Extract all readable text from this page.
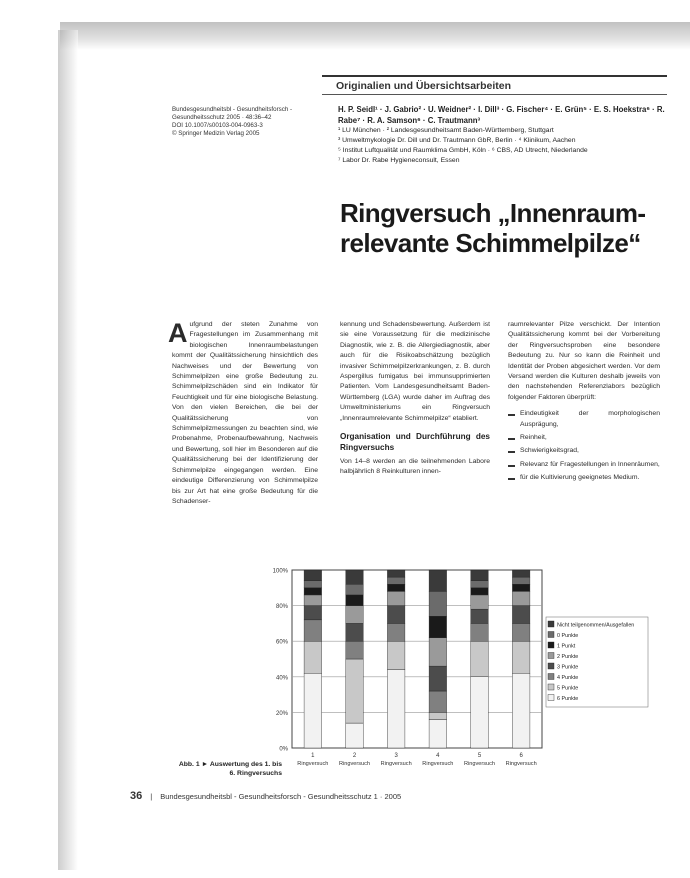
Originalien und Übersichtsarbeiten
Bundesgesundheitsbl - Gesundheitsforsch -
Gesundheitsschutz 2005 · 48:36–42
DOI 10.1007/s00103-004-0963-3
© Springer Medizin Verlag 2005
H. P. Seidl¹ · J. Gabrio² · U. Weidner² · I. Dill³ · G. Fischer⁴ · E. Grün⁵ · E. S. Hoekstra⁶ · R. Rabe⁷ · R. A. Samson⁶ · C. Trautmann³
¹ LU München · ² Landesgesundheitsamt Baden-Württemberg, Stuttgart
³ Umweltmykologie Dr. Dill und Dr. Trautmann GbR, Berlin · ⁴ Klinikum, Aachen
⁵ Institut Luftqualität und Raumklima GmbH, Köln · ⁶ CBS, AD Utrecht, Niederlande
⁷ Labor Dr. Rabe Hygieneconsult, Essen
Ringversuch „Innenraum-
relevante Schimmelpilze“
A ufgrund der steten Zunahme von Fragestellungen im Zusammenhang mit biologischen Innenraumbelastungen kommt der Qualitätssicherung hinsichtlich des Nachweises und der Bewertung von Schimmelpilzen eine große Bedeutung zu. Schimmelpilzschäden sind ein Indikator für Feuchtigkeit und für eine biologische Belastung. Von den vielen Bereichen, die bei der Qualitätssicherung von Schimmelpilzmessungen zu beachten sind, wie Probenahme, Probenaufbewahrung, Nachweis und Bewertung, soll hier im Besonderen auf die Qualitätssicherung bei der Identifizierung der Schimmelpilze eingegangen werden. Eine eindeutige Differenzierung von Schimmelpilze bis zur Art hat eine große Bedeutung für die Schadenser-
kennung und Schadensbewertung. Außerdem ist sie eine Voraussetzung für die medizinische Diagnostik, wie z. B. die Allergiediagnostik, aber auch für die Risikoabschätzung bezüglich invasiver Schimmelpilzerkrankungen, z. B. durch Aspergillus fumigatus bei immunsupprimierten Patienten. Vom Landesgesundheitsamt Baden-Württemberg (LGA) wurde daher im Auftrag des Umweltministeriums ein Ringversuch „Innenraumrelevante Schimmelpilze“ etabliert.
Organisation und Durchführung des Ringversuchs
Von 14–8 werden an die teilnehmenden Labore halbjährlich 8 Reinkulturen innen-
raumrelevanter Pilze verschickt. Der Intention Qualitätssicherung kommt bei der Vorbereitung der Ringversuchsproben eine besondere Bedeutung zu. Nur so kann die Reinheit und Identität der Proben abgesichert werden. Vor dem Versand werden die Kulturen deshalb jeweils von den nachstehenden Referenzlabors bezüglich folgender Faktoren überprüft:
Eindeutigkeit der morphologischen Ausprägung,
Reinheit,
Schwierigkeitsgrad,
Relevanz für Fragestellungen in Innenräumen,
für die Kultivierung geeignetes Medium.
0%
20%
40%
60%
80%
100%
1
Ringversuch
2
Ringversuch
3
Ringversuch
4
Ringversuch
5
Ringversuch
6
Ringversuch
Nicht teilgenommen/Ausgefallen
0 Punkte
1 Punkt
2 Punkte
3 Punkte
4 Punkte
5 Punkte
6 Punkte
Abb. 1 ► Auswertung des 1. bis 6. Ringversuchs
36 | Bundesgesundheitsbl - Gesundheitsforsch - Gesundheitsschutz 1 · 2005
